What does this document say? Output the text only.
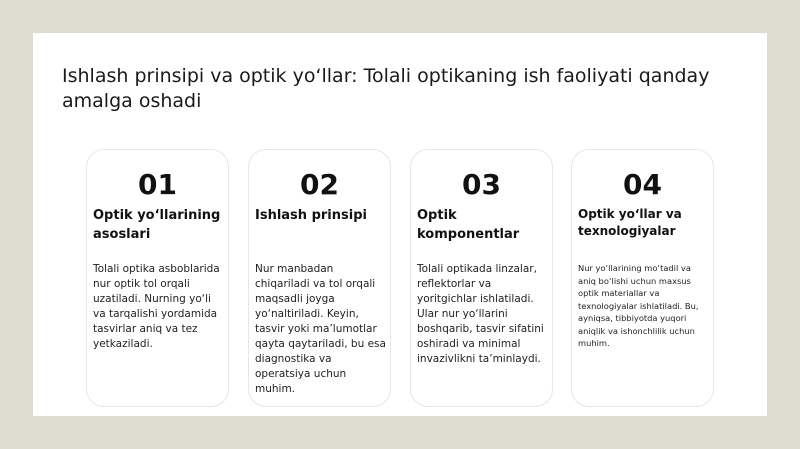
Ishlash prinsipi va optik yo‘llar: Tolali optikaning ish faoliyati qanday amalga oshadi
01
Optik yo‘llarining asoslari
Tolali optika asboblarida nur optik tol orqali uzatiladi. Nurning yo‘li va tarqalishi yordamida tasvirlar aniq va tez yetkaziladi.
02
Ishlash prinsipi
Nur manbadan chiqariladi va tol orqali maqsadli joyga yo‘naltiriladi. Keyin, tasvir yoki ma’lumotlar qayta qaytariladi, bu esa diagnostika va operatsiya uchun muhim.
03
Optik komponentlar
Tolali optikada linzalar, reflektorlar va yoritgichlar ishlatiladi. Ular nur yo‘llarini boshqarib, tasvir sifatini oshiradi va minimal invazivlikni ta’minlaydi.
04
Optik yo‘llar va texnologiyalar
Nur yo‘llarining mo‘tadil va aniq bo‘lishi uchun maxsus optik materiallar va texnologiyalar ishlatiladi. Bu, ayniqsa, tibbiyotda yuqori aniqlik va ishonchlilik uchun muhim.
